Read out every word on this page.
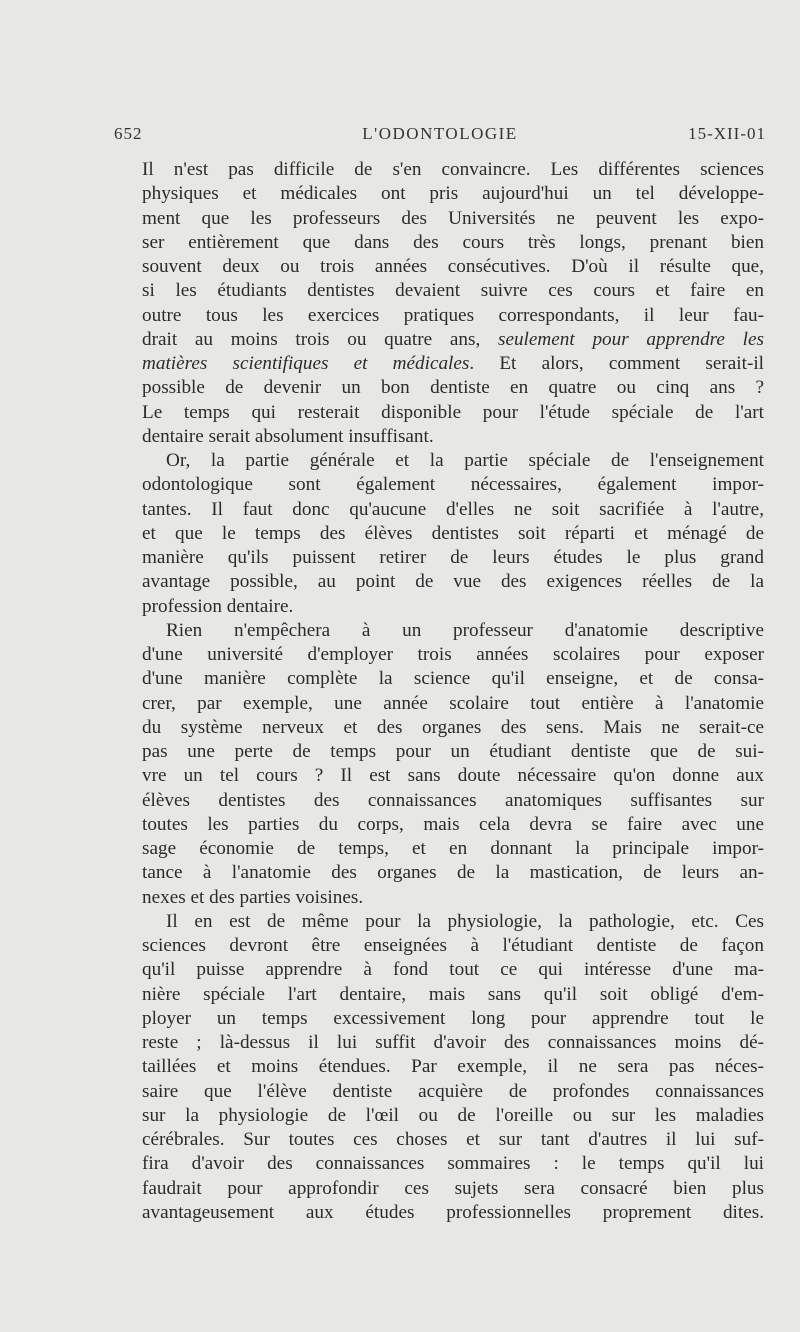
652	L'ODONTOLOGIE	15-XII-01

Il n'est pas difficile de s'en convaincre. Les différentes sciences
physiques et médicales ont pris aujourd'hui un tel développe-
ment que les professeurs des Universités ne peuvent les expo-
ser entièrement que dans des cours très longs, prenant bien
souvent deux ou trois années consécutives. D'où il résulte que,
si les étudiants dentistes devaient suivre ces cours et faire en
outre tous les exercices pratiques correspondants, il leur fau-
drait au moins trois ou quatre ans, seulement pour apprendre les
matières scientifiques et médicales. Et alors, comment serait-il
possible de devenir un bon dentiste en quatre ou cinq ans ?
Le temps qui resterait disponible pour l'étude spéciale de l'art
dentaire serait absolument insuffisant.

Or, la partie générale et la partie spéciale de l'enseignement
odontologique sont également nécessaires, également impor-
tantes. Il faut donc qu'aucune d'elles ne soit sacrifiée à l'autre,
et que le temps des élèves dentistes soit réparti et ménagé de
manière qu'ils puissent retirer de leurs études le plus grand
avantage possible, au point de vue des exigences réelles de la
profession dentaire.

Rien n'empêchera à un professeur d'anatomie descriptive
d'une université d'employer trois années scolaires pour exposer
d'une manière complète la science qu'il enseigne, et de consa-
crer, par exemple, une année scolaire tout entière à l'anatomie
du système nerveux et des organes des sens. Mais ne serait-ce
pas une perte de temps pour un étudiant dentiste que de sui-
vre un tel cours ? Il est sans doute nécessaire qu'on donne aux
élèves dentistes des connaissances anatomiques suffisantes sur
toutes les parties du corps, mais cela devra se faire avec une
sage économie de temps, et en donnant la principale impor-
tance à l'anatomie des organes de la mastication, de leurs an-
nexes et des parties voisines.

Il en est de même pour la physiologie, la pathologie, etc. Ces
sciences devront être enseignées à l'étudiant dentiste de façon
qu'il puisse apprendre à fond tout ce qui intéresse d'une ma-
nière spéciale l'art dentaire, mais sans qu'il soit obligé d'em-
ployer un temps excessivement long pour apprendre tout le
reste ; là-dessus il lui suffit d'avoir des connaissances moins dé-
taillées et moins étendues. Par exemple, il ne sera pas néces-
saire que l'élève dentiste acquière de profondes connaissances
sur la physiologie de l'œil ou de l'oreille ou sur les maladies
cérébrales. Sur toutes ces choses et sur tant d'autres il lui suf-
fira d'avoir des connaissances sommaires : le temps qu'il lui
faudrait pour approfondir ces sujets sera consacré bien plus
avantageusement aux études professionnelles proprement dites.
